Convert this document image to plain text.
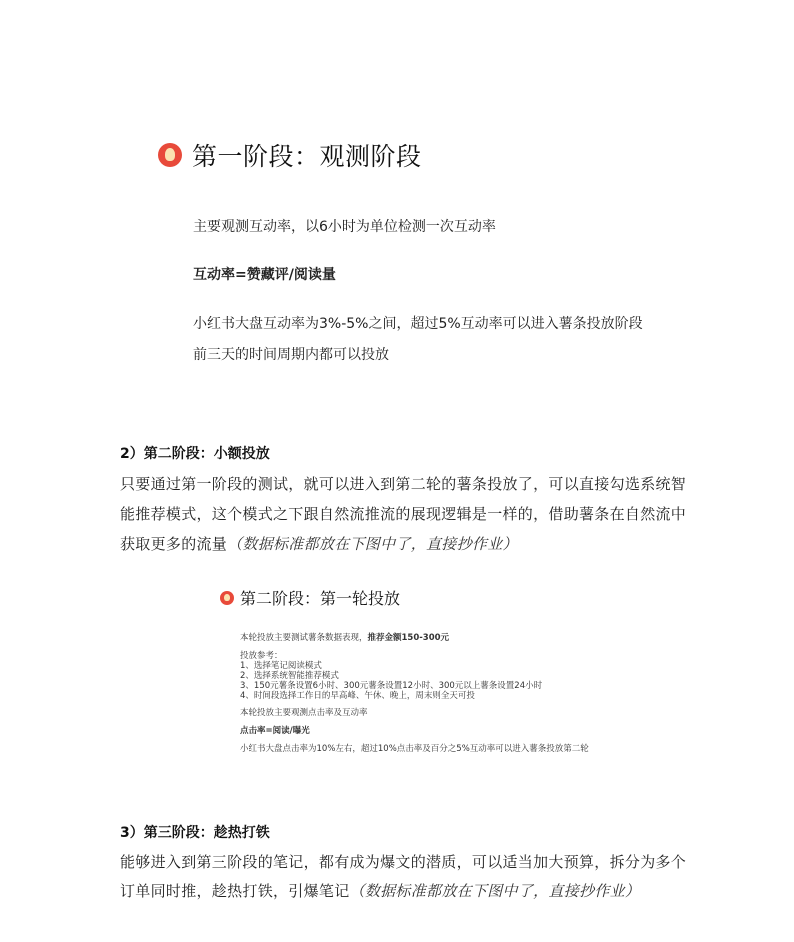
第一阶段：观测阶段
主要观测互动率，以6小时为单位检测一次互动率
互动率=赞藏评/阅读量
小红书大盘互动率为3%-5%之间，超过5%互动率可以进入薯条投放阶段
前三天的时间周期内都可以投放
2）第二阶段：小额投放
只要通过第一阶段的测试，就可以进入到第二轮的薯条投放了，可以直接勾选系统智
能推荐模式，这个模式之下跟自然流推流的展现逻辑是一样的，借助薯条在自然流中
获取更多的流量（数据标准都放在下图中了，直接抄作业）
第二阶段：第一轮投放
本轮投放主要测试薯条数据表现，推荐金额150-300元
投放参考：
1、选择笔记阅读模式
2、选择系统智能推荐模式
3、150元薯条设置6小时、300元薯条设置12小时、300元以上薯条设置24小时
4、时间段选择工作日的早高峰、午休、晚上，周末则全天可投
本轮投放主要观测点击率及互动率
点击率=阅读/曝光
小红书大盘点击率为10%左右，超过10%点击率及百分之5%互动率可以进入薯条投放第二轮
3）第三阶段：趁热打铁
能够进入到第三阶段的笔记，都有成为爆文的潜质，可以适当加大预算，拆分为多个
订单同时推，趁热打铁，引爆笔记（数据标准都放在下图中了，直接抄作业）
